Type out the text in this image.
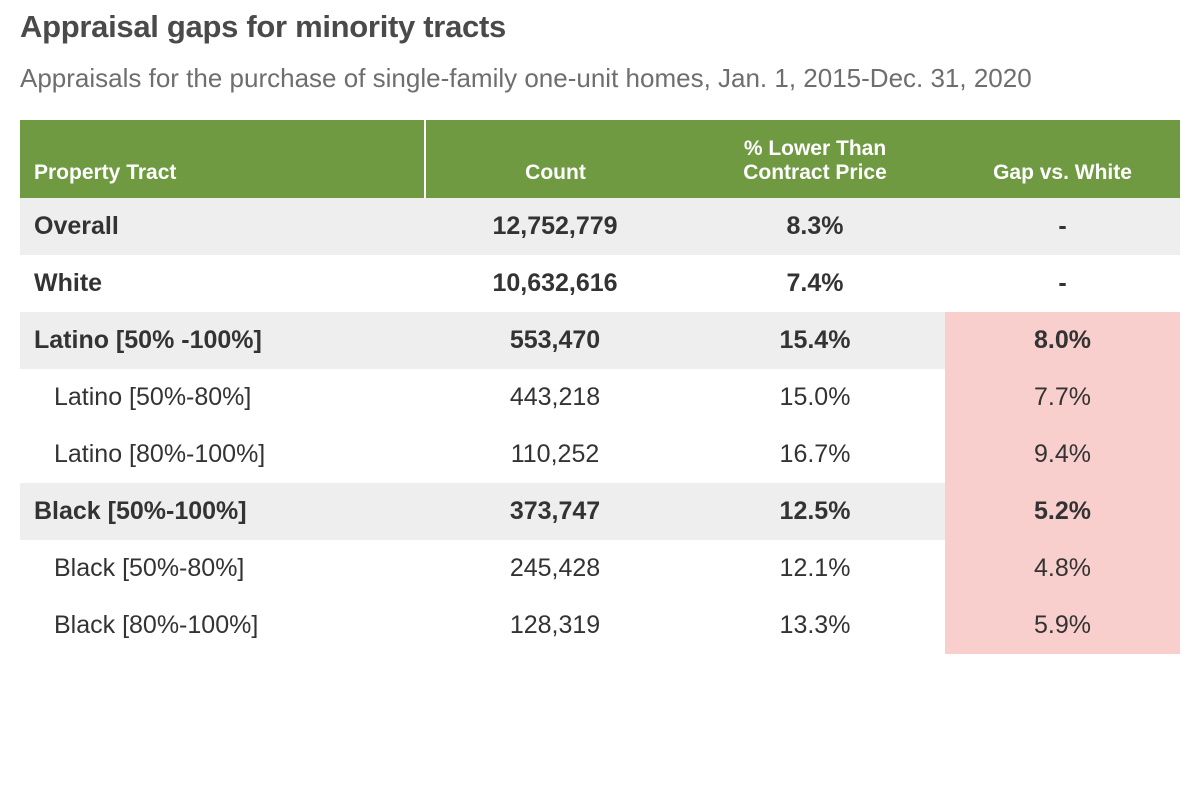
Appraisal gaps for minority tracts
Appraisals for the purchase of single-family one-unit homes, Jan. 1, 2015-Dec. 31, 2020
Property Tract	Count	% Lower Than Contract Price	Gap vs. White
Overall	12,752,779	8.3%	-
White	10,632,616	7.4%	-
Latino [50% -100%]	553,470	15.4%	8.0%
Latino [50%-80%]	443,218	15.0%	7.7%
Latino [80%-100%]	110,252	16.7%	9.4%
Black [50%-100%]	373,747	12.5%	5.2%
Black [50%-80%]	245,428	12.1%	4.8%
Black [80%-100%]	128,319	13.3%	5.9%
